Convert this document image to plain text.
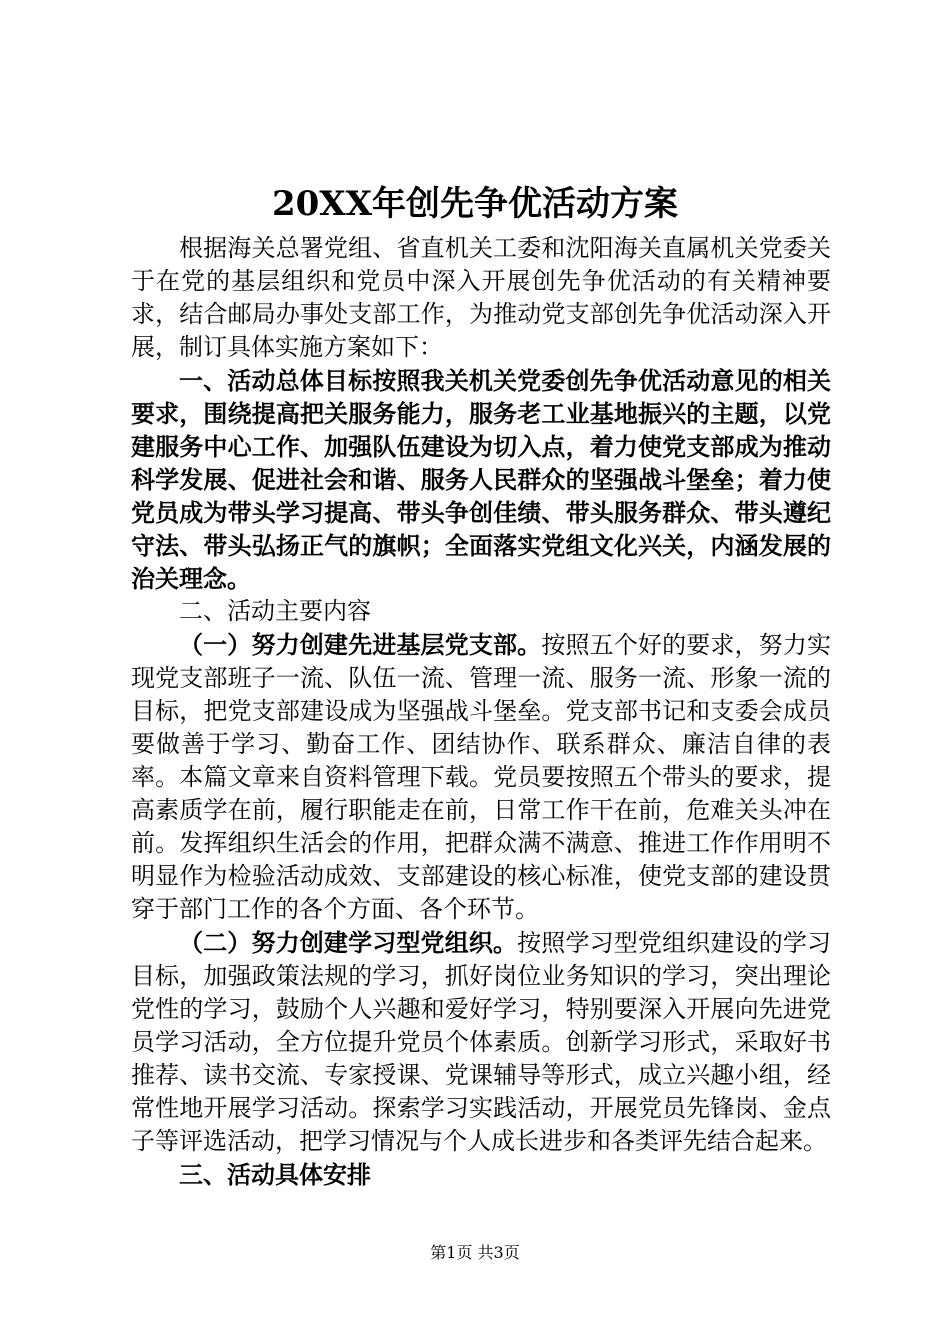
20XX年创先争优活动方案

根据海关总署党组、省直机关工委和沈阳海关直属机关党委关于在党的基层组织和党员中深入开展创先争优活动的有关精神要求，结合邮局办事处支部工作，为推动党支部创先争优活动深入开展，制订具体实施方案如下：

一、活动总体目标按照我关机关党委创先争优活动意见的相关要求，围绕提高把关服务能力，服务老工业基地振兴的主题，以党建服务中心工作、加强队伍建设为切入点，着力使党支部成为推动科学发展、促进社会和谐、服务人民群众的坚强战斗堡垒；着力使党员成为带头学习提高、带头争创佳绩、带头服务群众、带头遵纪守法、带头弘扬正气的旗帜；全面落实党组文化兴关，内涵发展的治关理念。

二、活动主要内容

（一）努力创建先进基层党支部。按照五个好的要求，努力实现党支部班子一流、队伍一流、管理一流、服务一流、形象一流的目标，把党支部建设成为坚强战斗堡垒。党支部书记和支委会成员要做善于学习、勤奋工作、团结协作、联系群众、廉洁自律的表率。本篇文章来自资料管理下载。党员要按照五个带头的要求，提高素质学在前，履行职能走在前，日常工作干在前，危难关头冲在前。发挥组织生活会的作用，把群众满不满意、推进工作作用明不明显作为检验活动成效、支部建设的核心标准，使党支部的建设贯穿于部门工作的各个方面、各个环节。

（二）努力创建学习型党组织。按照学习型党组织建设的学习目标，加强政策法规的学习，抓好岗位业务知识的学习，突出理论党性的学习，鼓励个人兴趣和爱好学习，特别要深入开展向先进党员学习活动，全方位提升党员个体素质。创新学习形式，采取好书推荐、读书交流、专家授课、党课辅导等形式，成立兴趣小组，经常性地开展学习活动。探索学习实践活动，开展党员先锋岗、金点子等评选活动，把学习情况与个人成长进步和各类评先结合起来。

三、活动具体安排

第1页 共3页
